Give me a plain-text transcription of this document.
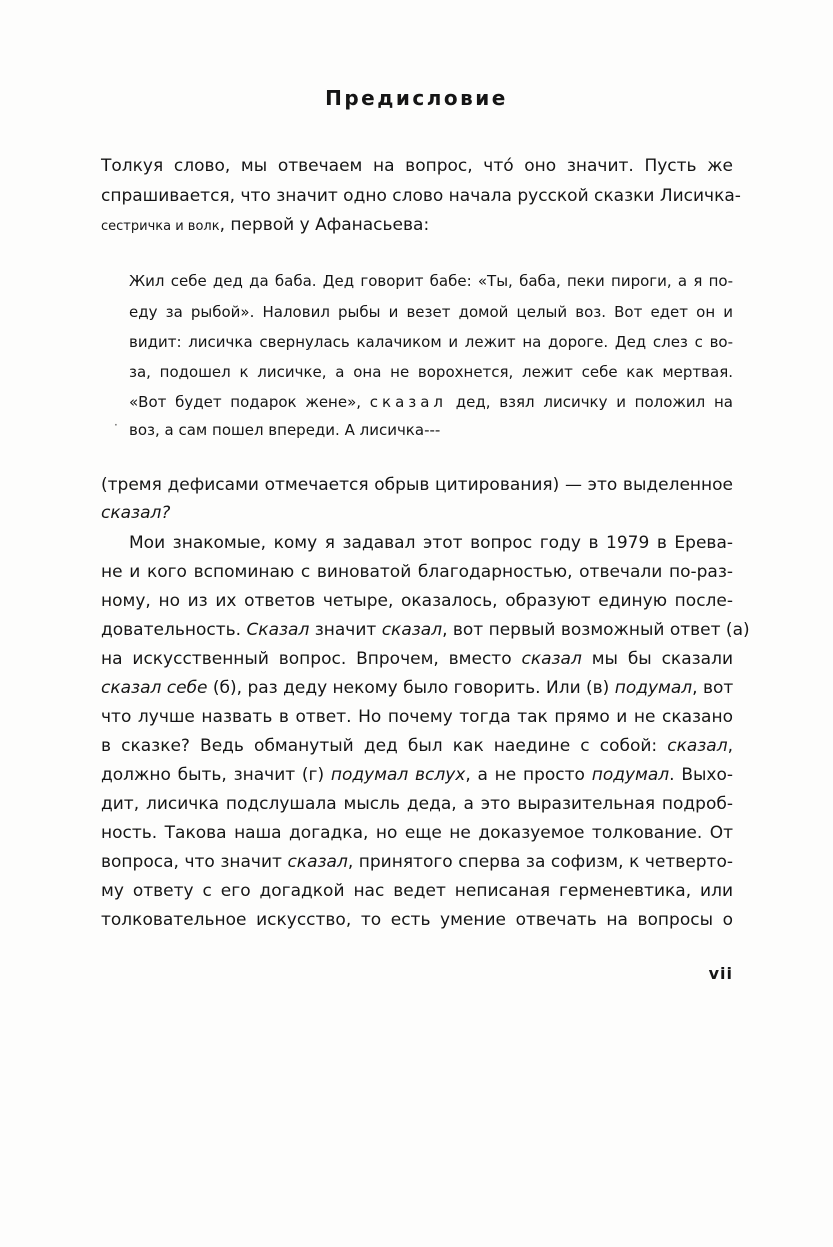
Предисловие
Толкуя слово, мы отвечаем на вопрос, что́ оно значит. Пусть же
спрашивается, что значит одно слово начала русской сказки Лисичка-
сестричка и волк, первой у Афанасьева:
Жил себе дед да баба. Дед говорит бабе: «Ты, баба, пеки пироги, а я по-
еду за рыбой». Наловил рыбы и везет домой целый воз. Вот едет он и
видит: лисичка свернулась калачиком и лежит на дороге. Дед слез с во-
за, подошел к лисичке, а она не ворохнется, лежит себе как мертвая.
«Вот будет подарок жене», сказал дед, взял лисичку и положил на
воз, а сам пошел впереди. А лисичка---
·
(тремя дефисами отмечается обрыв цитирования) — это выделенное
сказал?
Мои знакомые, кому я задавал этот вопрос году в 1979 в Ерева-
не и кого вспоминаю с виноватой благодарностью, отвечали по-раз-
ному, но из их ответов четыре, оказалось, образуют единую после-
довательность. Сказал значит сказал, вот первый возможный ответ (а)
на искусственный вопрос. Впрочем, вместо сказал мы бы сказали
сказал себе (б), раз деду некому было говорить. Или (в) подумал, вот
что лучше назвать в ответ. Но почему тогда так прямо и не сказано
в сказке? Ведь обманутый дед был как наедине с собой: сказал,
должно быть, значит (г) подумал вслух, а не просто подумал. Выхо-
дит, лисичка подслушала мысль деда, а это выразительная подроб-
ность. Такова наша догадка, но еще не доказуемое толкование. От
вопроса, что значит сказал, принятого сперва за софизм, к четверто-
му ответу с его догадкой нас ведет неписаная герменевтика, или
толковательное искусство, то есть умение отвечать на вопросы о
vii
